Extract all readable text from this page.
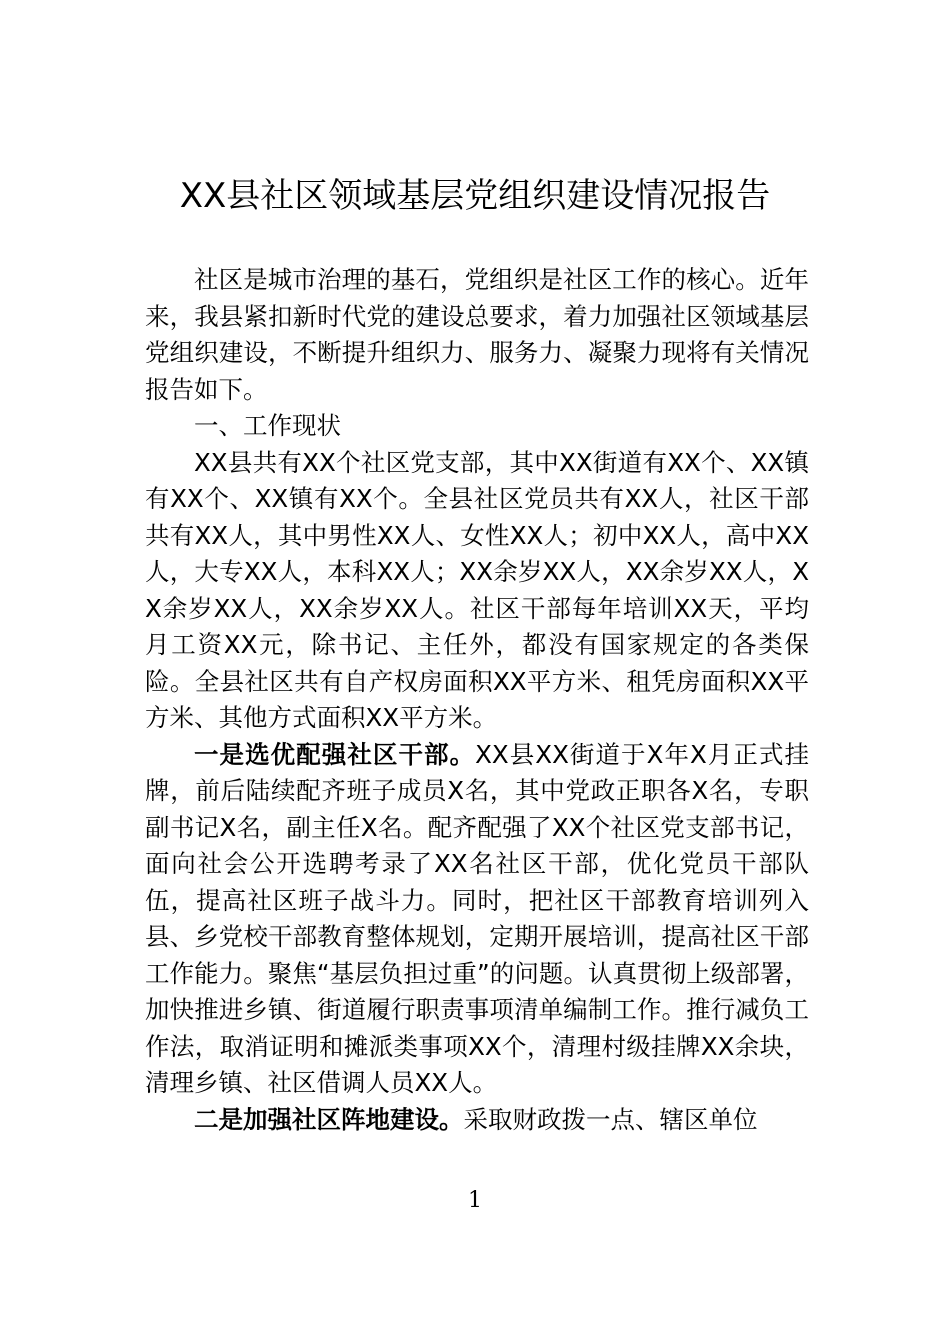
XX县社区领域基层党组织建设情况报告

社区是城市治理的基石，党组织是社区工作的核心。近年来，我县紧扣新时代党的建设总要求，着力加强社区领域基层党组织建设，不断提升组织力、服务力、凝聚力现将有关情况报告如下。

一、工作现状

XX县共有XX个社区党支部，其中XX街道有XX个、XX镇有XX个、XX镇有XX个。全县社区党员共有XX人，社区干部共有XX人，其中男性XX人、女性XX人；初中XX人，高中XX人，大专XX人，本科XX人；XX余岁XX人，XX余岁XX人，XX余岁XX人，XX余岁XX人。社区干部每年培训XX天，平均月工资XX元，除书记、主任外，都没有国家规定的各类保险。全县社区共有自产权房面积XX平方米、租凭房面积XX平方米、其他方式面积XX平方米。

一是选优配强社区干部。XX县XX街道于X年X月正式挂牌，前后陆续配齐班子成员X名，其中党政正职各X名，专职副书记X名，副主任X名。配齐配强了XX个社区党支部书记，面向社会公开选聘考录了XX名社区干部，优化党员干部队伍，提高社区班子战斗力。同时，把社区干部教育培训列入县、乡党校干部教育整体规划，定期开展培训，提高社区干部工作能力。聚焦“基层负担过重”的问题。认真贯彻上级部署，加快推进乡镇、街道履行职责事项清单编制工作。推行减负工作法，取消证明和摊派类事项XX个，清理村级挂牌XX余块，清理乡镇、社区借调人员XX人。

二是加强社区阵地建设。采取财政拨一点、辖区单位

1
